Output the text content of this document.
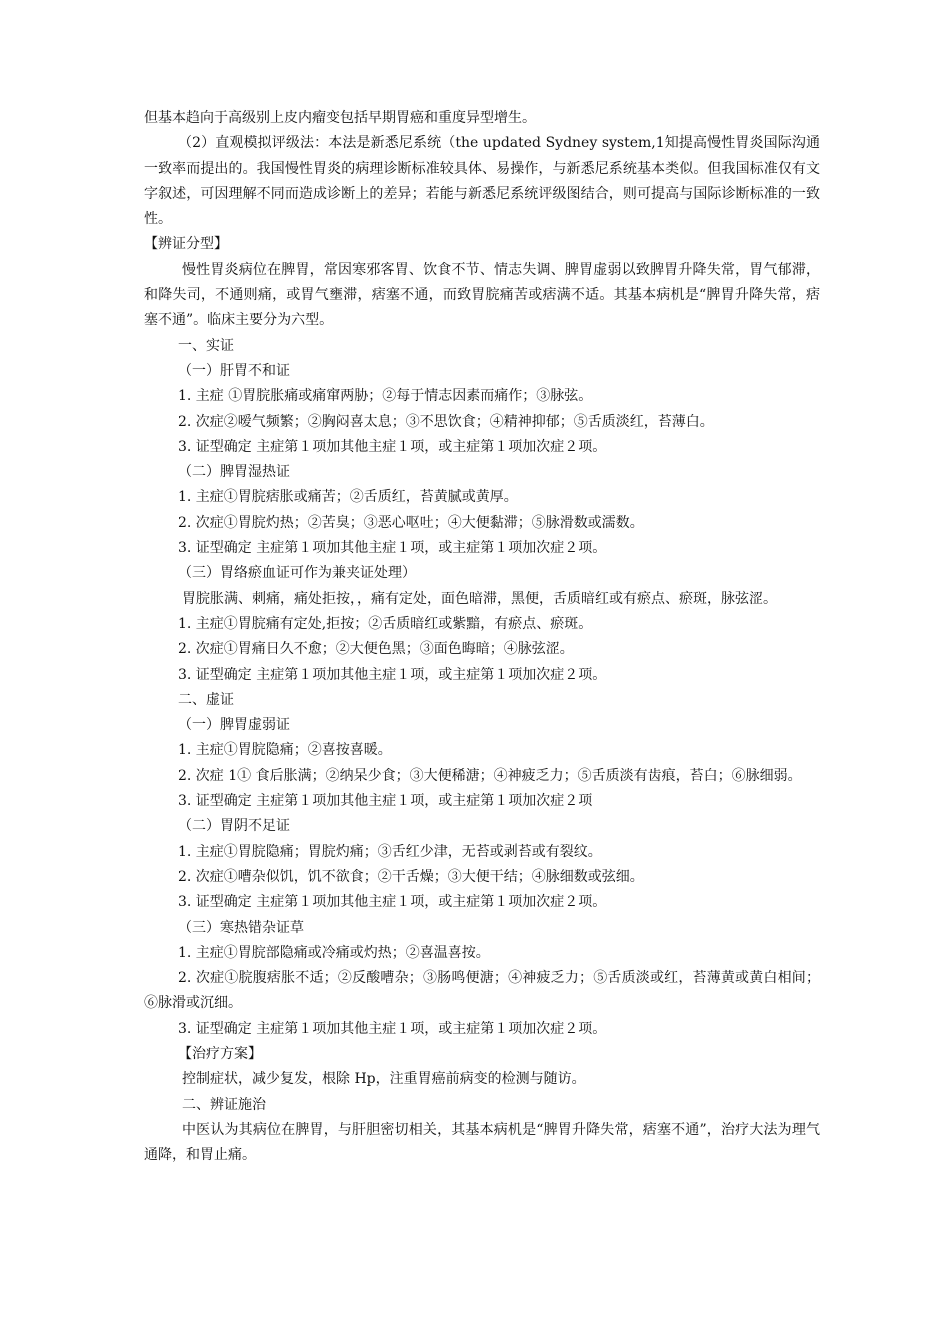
但基本趋向于高级别上皮内瘤变包括早期胃癌和重度异型增生。

（2）直观模拟评级法：本法是新悉尼系统（the updated Sydney system,1知提高慢性胃炎国际沟通一致率而提出的。我国慢性胃炎的病理诊断标准较具体、易操作，与新悉尼系统基本类似。但我国标准仅有文字叙述，可因理解不同而造成诊断上的差异；若能与新悉尼系统评级图结合，则可提高与国际诊断标准的一致性。

【辨证分型】

慢性胃炎病位在脾胃，常因寒邪客胃、饮食不节、情志失调、脾胃虚弱以致脾胃升降失常，胃气郁滞，和降失司，不通则痛，或胃气壅滞，痞塞不通，而致胃脘痛苦或痞满不适。其基本病机是“脾胃升降失常，痞塞不通”。临床主要分为六型。

一、实证

（一）肝胃不和证

1. 主症 ①胃脘胀痛或痛窜两胁；②每于情志因素而痛作；③脉弦。

2. 次症②嗳气频繁；②胸闷喜太息；③不思饮食；④精神抑郁；⑤舌质淡红，苔薄白。

3. 证型确定 主症第１项加其他主症１项，或主症第１项加次症２项。

（二）脾胃湿热证

1. 主症①胃脘痞胀或痛苦；②舌质红，苔黄腻或黄厚。

2. 次症①胃脘灼热；②苦臭；③恶心呕吐；④大便黏滞；⑤脉滑数或濡数。

3. 证型确定 主症第１项加其他主症１项，或主症第１项加次症２项。

（三）胃络瘀血证可作为兼夹证处理）

胃脘胀满、刺痛，痛处拒按，，痛有定处，面色暗滞，黑便，舌质暗红或有瘀点、瘀斑，脉弦涩。

1. 主症①胃脘痛有定处,拒按；②舌质暗红或紫黯，有瘀点、瘀斑。

2. 次症①胃痛日久不愈；②大便色黑；③面色晦暗；④脉弦涩。

3. 证型确定 主症第１项加其他主症１项，或主症第１项加次症２项。

二、虚证

（一）脾胃虚弱证

1. 主症①胃脘隐痛；②喜按喜暖。

2. 次症 1① 食后胀满；②纳呆少食；③大便稀溏；④神疲乏力；⑤舌质淡有齿痕，苔白；⑥脉细弱。

3. 证型确定 主症第１项加其他主症１项，或主症第１项加次症２项

（二）胃阴不足证

1. 主症①胃脘隐痛；胃脘灼痛；③舌红少津，无苔或剥苔或有裂纹。

2. 次症①嘈杂似饥，饥不欲食；②干舌燥；③大便干结；④脉细数或弦细。

3. 证型确定 主症第１项加其他主症１项，或主症第１项加次症２项。

（三）寒热错杂证草

1. 主症①胃脘部隐痛或冷痛或灼热；②喜温喜按。

2. 次症①脘腹痞胀不适；②反酸嘈杂；③肠鸣便溏；④神疲乏力；⑤舌质淡或红，苔薄黄或黄白相间；⑥脉滑或沉细。

3. 证型确定 主症第１项加其他主症１项，或主症第１项加次症２项。

【治疗方案】

控制症状，减少复发，根除 Hp，注重胃癌前病变的检测与随访。

二、辨证施治

中医认为其病位在脾胃，与肝胆密切相关，其基本病机是“脾胃升降失常，痞塞不通”，治疗大法为理气通降，和胃止痛。
